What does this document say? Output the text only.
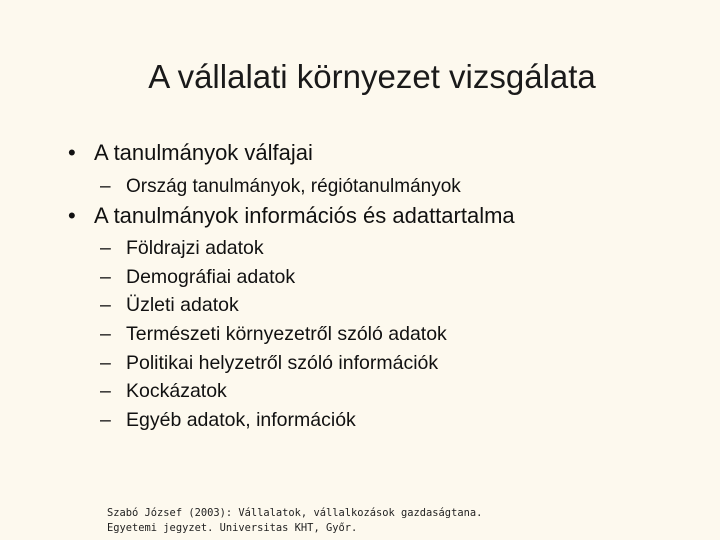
A vállalati környezet vizsgálata
• A tanulmányok válfajai
– Ország tanulmányok, régiótanulmányok
• A tanulmányok információs és adattartalma
– Földrajzi adatok
– Demográfiai adatok
– Üzleti adatok
– Természeti környezetről szóló adatok
– Politikai helyzetről szóló információk
– Kockázatok
– Egyéb adatok, információk
Szabó József (2003): Vállalatok, vállalkozások gazdaságtana.
Egyetemi jegyzet. Universitas KHT, Győr.
